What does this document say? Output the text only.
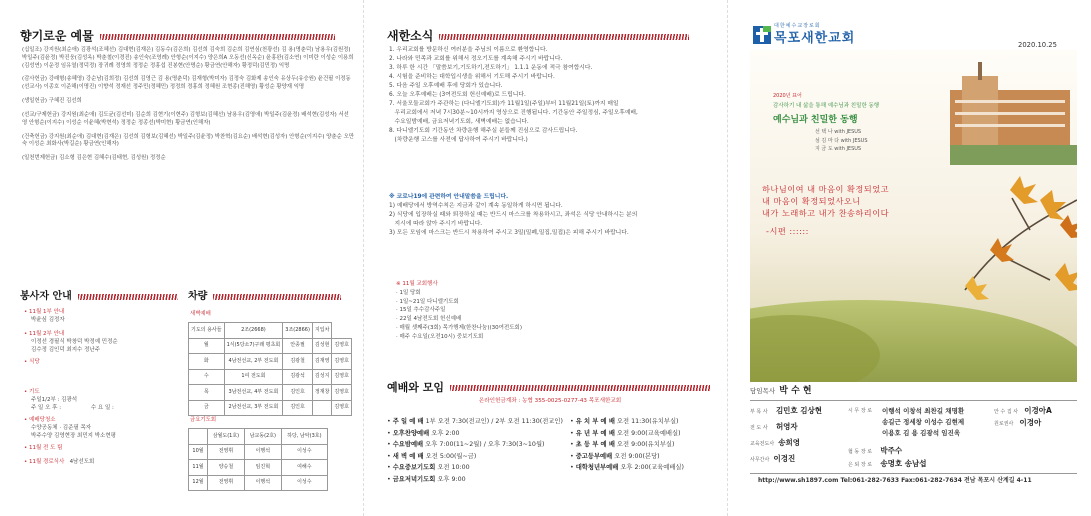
향기로운 예물

(십일조) 강지원(최순애) 김광석(조혜선) 김대현(김재은) 김동수(김은희) 김선희 김숙희 김순희 김연심(천광선) 김 용(명춘덕) 남용우(김원정) 박일주(김윤정) 박진웅(김성옥) 박춘철(이경진) 송인숙(조영례) 안형순(이지수) 양은희A 오동선(신옥순) 윤홍완(김소연) 이미란 이성순 이용희(김성연) 이운정 임유열(정덕정) 장귀례 정영희 정정순 정홍섭 진봉현(안명순) 황금연(안해자) 황정덕(김민정) 익명

(감사헌금) 강래형(송혜영) 강순남(김희정) 김선희 김영근 김 용(명춘덕) 김재형(박미자) 김정숙 김화제 송인숙 유상두(유승원) 윤건필 이정동(선교사) 이종호 이준해(이명진) 이향석 정재선 정주민(정혜민) 정정희 정홍희 정혜원 조현종(진해영) 황성순 황양재 익명

(생일헌금) 구혜진 김선희

(선교/구제헌금) 강지원(최순애) 김도균(김선미) 김순희 김현기(이현주) 김형보(김혜선) 남용우(김영애) 박일주(김윤정) 배석현(김성자) 서선영 안형순(이지수) 이성순 이윤혜(박현석) 정정순 정종선(박미현) 황금연(인해자)

(건축헌금) 강지원(최순애) 김대현(김재은) 김선희 김형보(김혜선) 박일주(김윤정) 박찬혁(김요순) 배석현(김성자) 안형순(이지수) 양춘순 오만숙 이성순 최화사(박길순) 황금연(인해자)

(일천번제헌금) 김소형 김은현 김혜수(김태현, 김성원) 정정순

봉사자 안내
• 11월 1부 안내
박윤심 김정자
• 11월 2부 안내
이정선 경필식 박창덕 박정예 민정순
김수정 김인덕 최지수 정난주
• 식당
• 기도
주일1/2부 : 김광석
주 일 오 후 :                 수 요 일 :
• 예배당청소
수양공동체 · 김준필 목자
박주수양 김영현장 최민지 박소현평
• 11월 전 도 팀
• 11월 경로식사 4남선도회
차량
새벽예배
기도의 용사들	2조(2668)	3조(2866)	지입차	
월	1식(5당소7)구래 평초회	안종필	김성현	김영호
화	4남전선교, 2부 전도회	김광철	김재영	김영호
수	1여 전도회	김광석	김성지	김영호
목	3남전선교, 4부 전도회	김인호	정재창	김영호
금	2남전선교, 3부 전도회	김인호		김영호
금요기도회
	삼월도(1호)	남교동(2호)	하당, 남악(3호)
10월	전영휘	이행석	이성수
11월	양승철	임진혁	여해수
12월	전영휘	이행석	이성수
새한소식
1. 우리교회를 방문하신 여러분을 주님의 이름으로 환영합니다.
2. 나라와 민족과 교회를 위해서 정오기도를 계속해 주시기 바랍니다.
3. 하루 한 시간 「말씀보기,기도하기,전도하기」 1.1.1 운동에 적극 참여합시다.
4. 시험을 준비하는 대학입시생을 위해서 기도해 주시기 바랍니다.
5. 다음 주일 오후예배 후에 당회가 있습니다.
6. 오늘 오후예배는 (3여전도회 헌신예배)로 드립니다.
7. 서울모둘교회가 주관하는 (다니엘기도회)가 11월1일(주일)부터 11월21일(토)까지 매일
우리교회에서 저녁 7시30분~10시까지 영상으로 진행됩니다. 기간동안 주일정심, 주일오후예배,
수요일밤예배, 금요저녁기도회, 새벽예배는 없습니다.
8. 다니엘기도회 기간동안 차량운행 해주실 분들께 진심으로 감사드립니다.
(차량운행 코스를 사전에 답사하여 주시기 바랍니다.)
※ 코로나19에 관련하여 안내말씀을 드립니다.
1) 예배당에서 방역수칙은 지금과 같이 계속 동일하게 하시면 됩니다.
2) 식당에 입장하실 때와 퇴장하실 때는 반드시 마스크를 착용하시고, 좌석은 식당 안내하시는 분의
지시에 따라 앉아 주시기 바랍니다.
3) 모든 모임에 마스크는 반드시 착용하여 주시고 3밀(밀폐,밀집,밀접)은 피해 주시기 바랍니다.
※ 11월 교회행사
· 1일 당회
· 1일~21일 다니엘기도회
· 15일 추수감사주일
· 22일 4남전도회 헌신예배
· 매월 셋째주(3회) 목가행제(한찬나눔)(30여전도회)
· 매주 수요일(오전10시) 중보기도회
예배와 모임
온라인헌금계좌 : 농협 355-0025-0277-43 목포새한교회
• 주 일 예 배 1부 오전 7:30(전교인) / 2부 오전 11:30(전교인)	• 유 치 부 예 배 오전 11:30(유치부실)
• 오후찬양예배 오후 2:00	• 유 년 부 예 배 오전 9:00(교육예배실)
• 수요밤예배 오후 7:00(11~2월) / 오후 7:30(3~10월)	• 초 등 부 예 배 오전 9:00(유치부실)
• 새 벽 예 배 오전 5:00(월~금)	• 중고등부예배 오전 9:00(본당)
• 수요중보기도회 오전 10:00	• 대학청년부예배 오후 2:00(교육예배실)
• 금요저녁기도회 오후 9:00
대한예수교장로회
목포새한교회	2020.10.25
2020년 표어
감사하기 내 삶을 통해 예수님과 친밀한 동행
예수님과 친밀한 동행
선 택 나 with JESUS
섬 김 마 다 with JESUS
지 금 도 with JESUS
하나님이여 내 마음이 확정되었고
내 마음이 확정되었사오니
내가 노래하고 내가 찬송하리이다
-시편 ::::::
담임목사 박 수 현
부 목 사 김민호 김상현
전 도 사 허영자
교육전도사 송희영
사무간사 이경진
시 무 장 로 이행석 이창석 최찬길 채명환
송길근 정세창 이성수 김현제
이용호 김 용 김광석 임진욱
협 동 장 로 박주수
은 퇴 장 로 송명호 송남섭
안 수 집 사 이경아A
원로권사 이경아
http://www.sh1897.com Tel:061-282-7633 Fax:061-282-7634 전남 목포시 산계길 4-11
